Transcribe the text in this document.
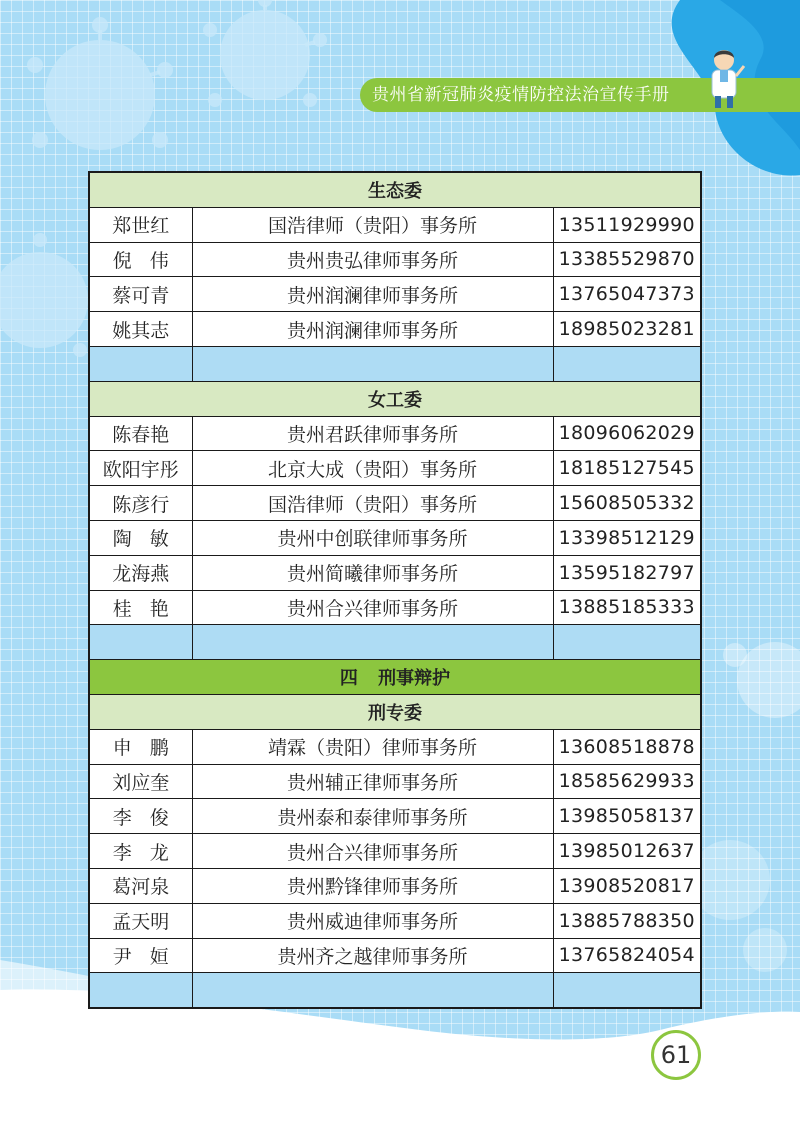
贵州省新冠肺炎疫情防控法治宣传手册
生态委		
郑世红	国浩律师（贵阳）事务所	13511929990
倪伟	贵州贵弘律师事务所	13385529870
蔡可青	贵州润澜律师事务所	13765047373
姚其志	贵州润澜律师事务所	18985023281

女工委		
陈春艳	贵州君跃律师事务所	18096062029
欧阳宇彤	北京大成（贵阳）事务所	18185127545
陈彦行	国浩律师（贵阳）事务所	15608505332
陶敏	贵州中创联律师事务所	13398512129
龙海燕	贵州简曦律师事务所	13595182797
桂艳	贵州合兴律师事务所	13885185333

四 刑事辩护		
刑专委		
申鹏	靖霖（贵阳）律师事务所	13608518878
刘应奎	贵州辅正律师事务所	18585629933
李俊	贵州泰和泰律师事务所	13985058137
李龙	贵州合兴律师事务所	13985012637
葛河泉	贵州黔锋律师事务所	13908520817
孟天明	贵州威迪律师事务所	13885788350
尹姮	贵州齐之越律师事务所	13765824054

61
